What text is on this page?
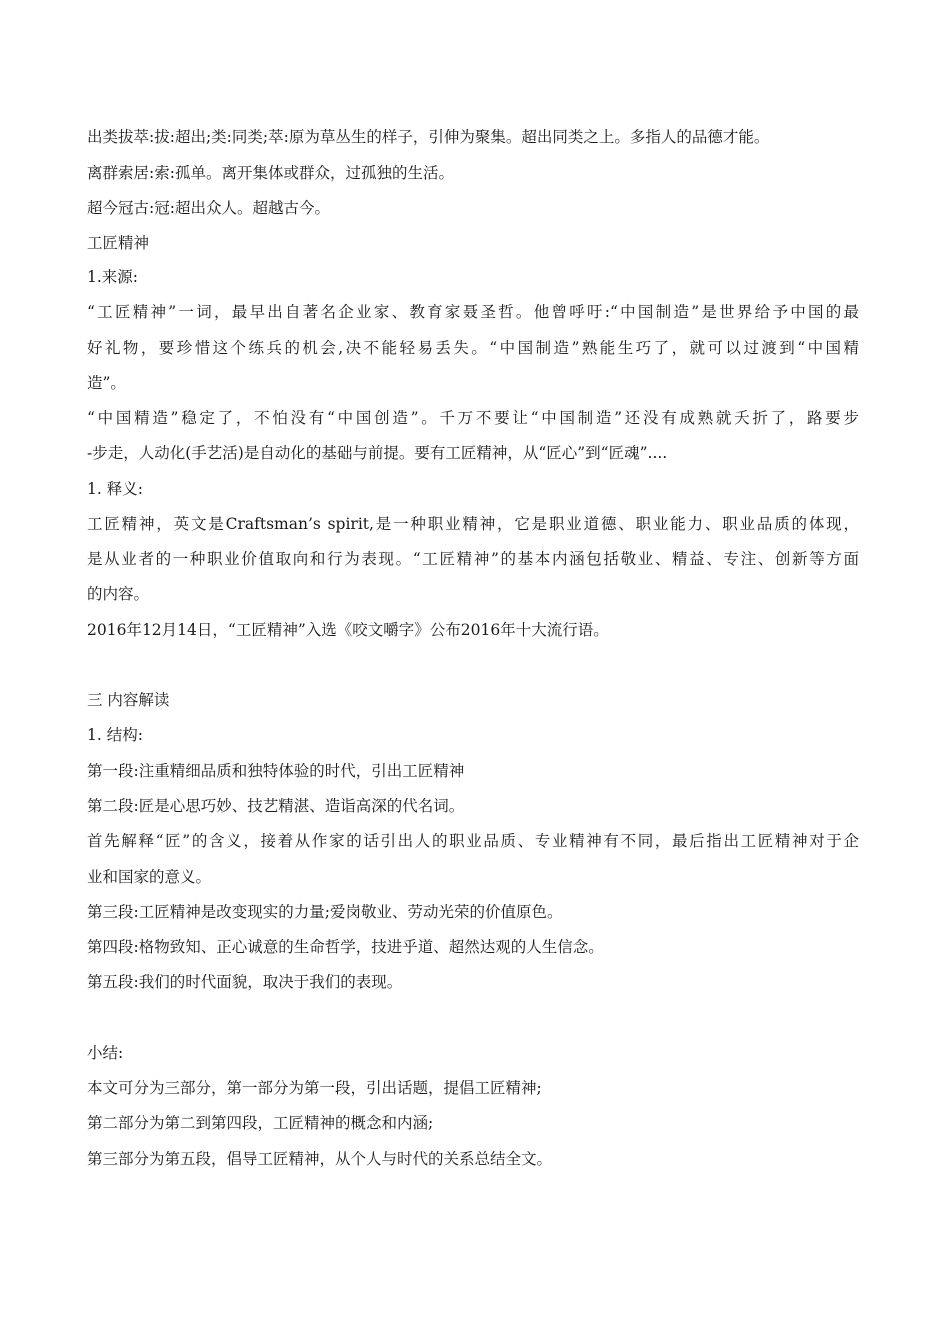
出类拔萃:拔:超出;类:同类;萃:原为草丛生的样子，引伸为聚集。超出同类之上。多指人的品德才能。
离群索居:索:孤单。离开集体或群众，过孤独的生活。
超今冠古:冠:超出众人。超越古今。
工匠精神
1.来源:
“工匠精神”一词，最早出自著名企业家、教育家聂圣哲。他曾呼吁:“中国制造”是世界给予中国的最
好礼物，要珍惜这个练兵的机会,决不能轻易丢失。“中国制造”熟能生巧了，就可以过渡到“中国精
造”。
“中国精造”稳定了，不怕没有“中国创造”。千万不要让“中国制造”还没有成熟就夭折了，路要步
-步走，人动化(手艺活)是自动化的基础与前提。要有工匠精神，从“匠心”到“匠魂”....
1. 释义:
工匠精神，英文是Craftsman’s spirit,是一种职业精神，它是职业道德、职业能力、职业品质的体现，
是从业者的一种职业价值取向和行为表现。“工匠精神”的基本内涵包括敬业、精益、专注、创新等方面
的内容。
2016年12月14日，“工匠精神”入选《咬文嚼字》公布2016年十大流行语。
三 内容解读
1. 结构:
第一段:注重精细品质和独特体验的时代，引出工匠精神
第二段:匠是心思巧妙、技艺精湛、造诣高深的代名词。
首先解释“匠”的含义，接着从作家的话引出人的职业品质、专业精神有不同，最后指出工匠精神对于企
业和国家的意义。
第三段:工匠精神是改变现实的力量;爱岗敬业、劳动光荣的价值原色。
第四段:格物致知、正心诚意的生命哲学，技进乎道、超然达观的人生信念。
第五段:我们的时代面貌，取决于我们的表现。
小结:
本文可分为三部分，第一部分为第一段，引出话题，提倡工匠精神;
第二部分为第二到第四段，工匠精神的概念和内涵;
第三部分为第五段，倡导工匠精神，从个人与时代的关系总结全文。
